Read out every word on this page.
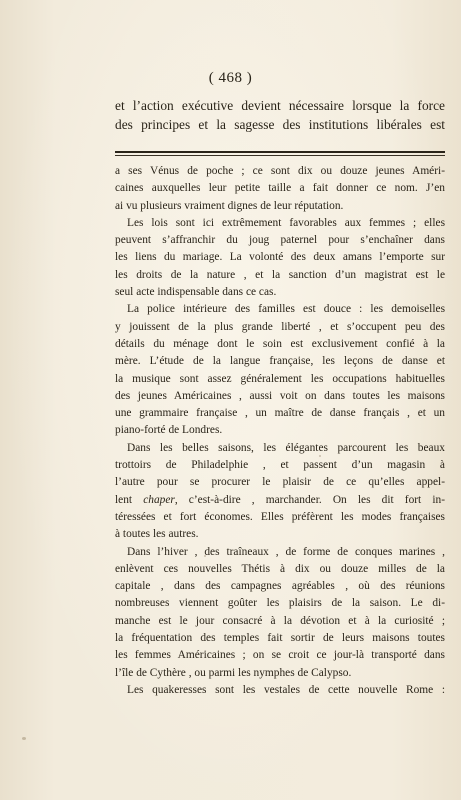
( 468 )
et l’action exécutive devient nécessaire lorsque la force
des principes et la sagesse des institutions libérales est
a ses Vénus de poche ; ce sont dix ou douze jeunes Améri-
caines auxquelles leur petite taille a fait donner ce nom. J’en
ai vu plusieurs vraiment dignes de leur réputation.
Les lois sont ici extrêmement favorables aux femmes ; elles
peuvent s’affranchir du joug paternel pour s’enchaîner dans
les liens du mariage. La volonté des deux amans l’emporte sur
les droits de la nature , et la sanction d’un magistrat est le
seul acte indispensable dans ce cas.
La police intérieure des familles est douce : les demoiselles
y jouissent de la plus grande liberté , et s’occupent peu des
détails du ménage dont le soin est exclusivement confié à la
mère. L’étude de la langue française, les leçons de danse et
la musique sont assez généralement les occupations habituelles
des jeunes Américaines , aussi voit on dans toutes les maisons
une grammaire française , un maître de danse français , et un
piano-forté de Londres.
Dans les belles saisons, les élégantes parcourent les beaux
trottoirs de Philadelphie , et passent d’un magasin à
l’autre pour se procurer le plaisir de ce qu’elles appel-
lent chaper, c’est-à-dire , marchander. On les dit fort in-
téressées et fort économes. Elles préfèrent les modes françaises
à toutes les autres.
Dans l’hiver , des traîneaux , de forme de conques marines ,
enlèvent ces nouvelles Thétis à dix ou douze milles de la
capitale , dans des campagnes agréables , où des réunions
nombreuses viennent goûter les plaisirs de la saison. Le di-
manche est le jour consacré à la dévotion et à la curiosité ;
la fréquentation des temples fait sortir de leurs maisons toutes
les femmes Américaines ; on se croit ce jour-là transporté dans
l’île de Cythère , ou parmi les nymphes de Calypso.
Les quakeresses sont les vestales de cette nouvelle Rome :
